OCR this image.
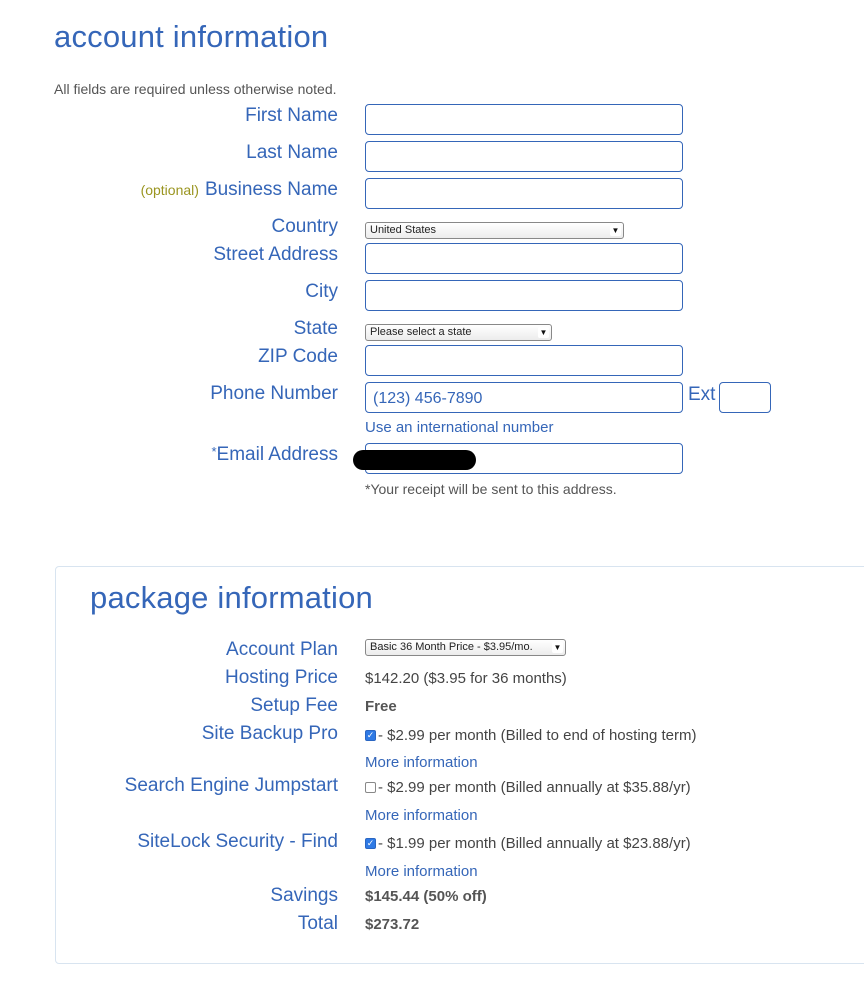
account information
All fields are required unless otherwise noted.
First Name
Last Name
(optional) Business Name
Country	United States	▼
Street Address
City
State	Please select a state	▼
ZIP Code
Phone Number	(123) 456-7890	Ext
Use an international number
*Email Address
*Your receipt will be sent to this address.
package information
Account Plan	Basic 36 Month Price - $3.95/mo.	▼
Hosting Price $142.20 ($3.95 for 36 months)
Setup Fee Free
Site Backup Pro	✓ - $2.99 per month (Billed to end of hosting term)
More information
Search Engine Jumpstart	- $2.99 per month (Billed annually at $35.88/yr)
More information
SiteLock Security - Find	✓ - $1.99 per month (Billed annually at $23.88/yr)
More information
Savings $145.44 (50% off)
Total $273.72
